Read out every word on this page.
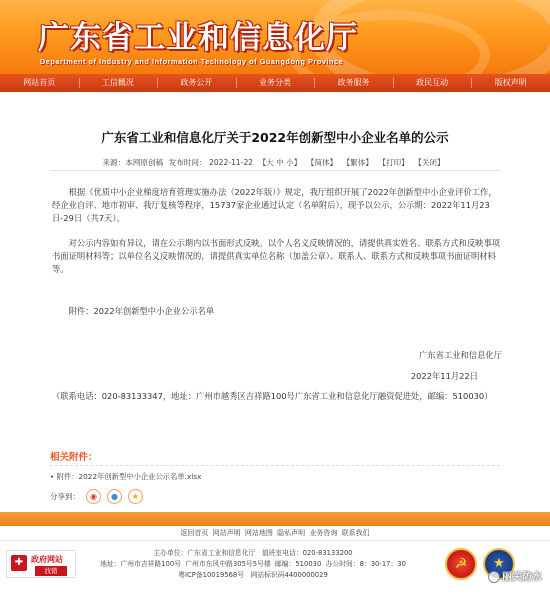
广东省工业和信息化厅
Department of Industry and Information Technology of Guangdong Province
网站首页	工信概况	政务公开	业务分类	政务服务	政民互动	版权声明
广东省工业和信息化厅关于2022年创新型中小企业名单的公示
来源：本网原创稿 发布时间： 2022-11-22 【大 中 小】 【简体】 【繁体】 【打印】 【关闭】
根据《优质中小企业梯度培育管理实施办法（2022年版）》规定，我厅组织开展了2022年创新型中小企业评价工作，经企业自评、地市初审、我厅复核等程序，15737家企业通过认定（名单附后），现予以公示，公示期：2022年11月23日-29日（共7天）。
对公示内容如有异议，请在公示期内以书面形式反映。以个人名义反映情况的，请提供真实姓名、联系方式和反映事项书面证明材料等；以单位名义反映情况的，请提供真实单位名称（加盖公章）、联系人、联系方式和反映事项书面证明材料等。
附件：2022年创新型中小企业公示名单
广东省工业和信息化厅
2022年11月22日
（联系电话：020-83133347，地址：广州市越秀区吉祥路100号广东省工业和信息化厅融资促进处，邮编：510030）
相关附件：
• 附件：2022年创新型中小企业公示名单.xlsx
分享到：	◉	●	★
返回首页 网站声明 网站地图 隐私声明 业务咨询 联系我们
✚ 政府网站
找错
主办单位：广东省工业和信息化厅 值班室电话：020-83133200
地址：广州市吉祥路100号 广州市东风中路305号5号楼 邮编：510030 办公时间：8：30-17：30
粤ICP备10019568号 网站标识码4400000029
☭	★
丽关防水
